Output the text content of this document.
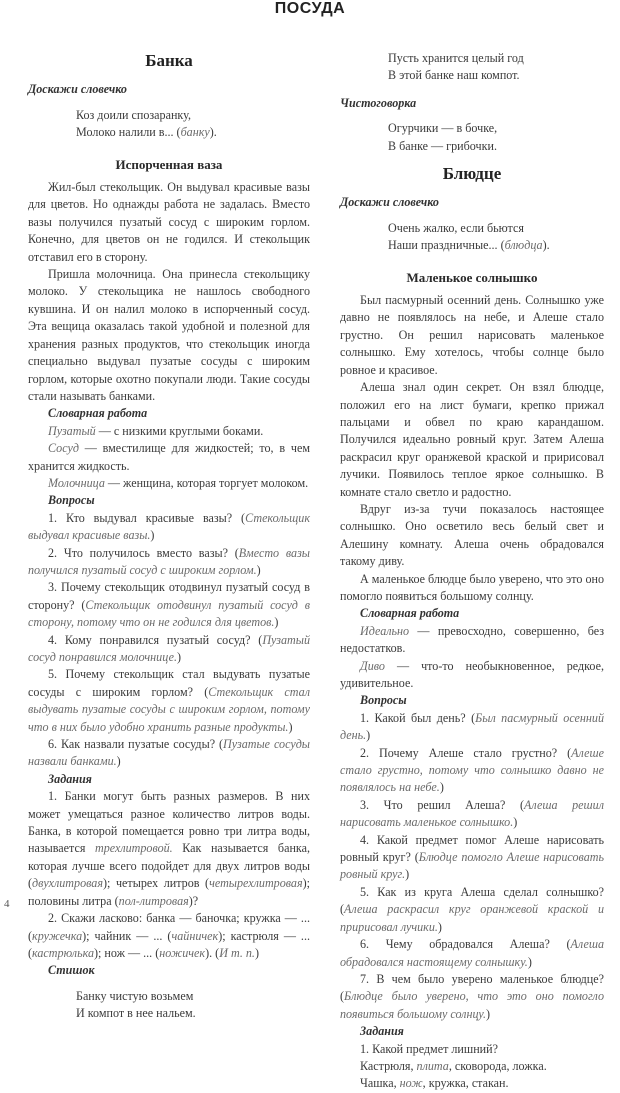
ПОСУДА
Банка
Доскажи словечко
Коз доили спозаранку,
Молоко налили в... (банку).
Испорченная ваза

Жил-был стекольщик. Он выдувал красивые вазы для цветов. Но однажды работа не задалась. Вместо вазы получился пузатый сосуд с широким горлом. Конечно, для цветов он не годился. И стекольщик отставил его в сторону.

Пришла молочница. Она принесла стекольщику молоко. У стекольщика не нашлось свободного кувшина. И он налил молоко в испорченный сосуд. Эта вещица оказалась такой удобной и полезной для хранения разных продуктов, что стекольщик иногда специально выдувал пузатые сосуды с широким горлом, которые охотно покупали люди. Такие сосуды стали называть банками.

Словарная работа

Пузатый — с низкими круглыми боками.

Сосуд — вместилище для жидкостей; то, в чем хранится жидкость.

Молочница — женщина, которая торгует молоком.

Вопросы

1. Кто выдувал красивые вазы? (Стекольщик выдувал красивые вазы.)

2. Что получилось вместо вазы? (Вместо вазы получился пузатый сосуд с широким горлом.)

3. Почему стекольщик отодвинул пузатый сосуд в сторону? (Стекольщик отодвинул пузатый сосуд в сторону, потому что он не годился для цветов.)

4. Кому понравился пузатый сосуд? (Пузатый сосуд понравился молочнице.)

5. Почему стекольщик стал выдувать пузатые сосуды с широким горлом? (Стекольщик стал выдувать пузатые сосуды с широким горлом, потому что в них было удобно хранить разные продукты.)

6. Как назвали пузатые сосуды? (Пузатые сосуды назвали банками.)

Задания

1. Банки могут быть разных размеров. В них может умещаться разное количество литров воды. Банка, в которой помещается ровно три литра воды, называется трехлитровой. Как называется банка, которая лучше всего подойдет для двух литров воды (двухлитровая); четырех литров (четырехлитровая); половины литра (пол-литровая)?

2. Скажи ласково: банка — баночка; кружка — ... (кружечка); чайник — ... (чайничек); кастрюля — ... (кастрюлька); нож — ... (ножичек). (И т. п.)

Стишок
Банку чистую возьмем
И компот в нее нальем.
Пусть хранится целый год
В этой банке наш компот.
Чистоговорка
Огурчики — в бочке,
В банке — грибочки.
Блюдце
Доскажи словечко
Очень жалко, если бьются
Наши праздничные... (блюдца).
Маленькое солнышко

Был пасмурный осенний день. Солнышко уже давно не появлялось на небе, и Алеше стало грустно. Он решил нарисовать маленькое солнышко. Ему хотелось, чтобы солнце было ровное и красивое.

Алеша знал один секрет. Он взял блюдце, положил его на лист бумаги, крепко прижал пальцами и обвел по краю карандашом. Получился идеально ровный круг. Затем Алеша раскрасил круг оранжевой краской и пририсовал лучики. Появилось теплое яркое солнышко. В комнате стало светло и радостно.

Вдруг из-за тучи показалось настоящее солнышко. Оно осветило весь белый свет и Алешину комнату. Алеша очень обрадовался такому диву.

А маленькое блюдце было уверено, что это оно помогло появиться большому солнцу.

Словарная работа

Идеально — превосходно, совершенно, без недостатков.

Диво — что-то необыкновенное, редкое, удивительное.

Вопросы

1. Какой был день? (Был пасмурный осенний день.)

2. Почему Алеше стало грустно? (Алеше стало грустно, потому что солнышко давно не появлялось на небе.)

3. Что решил Алеша? (Алеша решил нарисовать маленькое солнышко.)

4. Какой предмет помог Алеше нарисовать ровный круг? (Блюдце помогло Алеше нарисовать ровный круг.)

5. Как из круга Алеша сделал солнышко? (Алеша раскрасил круг оранжевой краской и пририсовал лучики.)

6. Чему обрадовался Алеша? (Алеша обрадовался настоящему солнышку.)

7. В чем было уверено маленькое блюдце? (Блюдце было уверено, что это оно помогло появиться большому солнцу.)

Задания

1. Какой предмет лишний?

Кастрюля, плита, сковорода, ложка.

Чашка, нож, кружка, стакан.

4
